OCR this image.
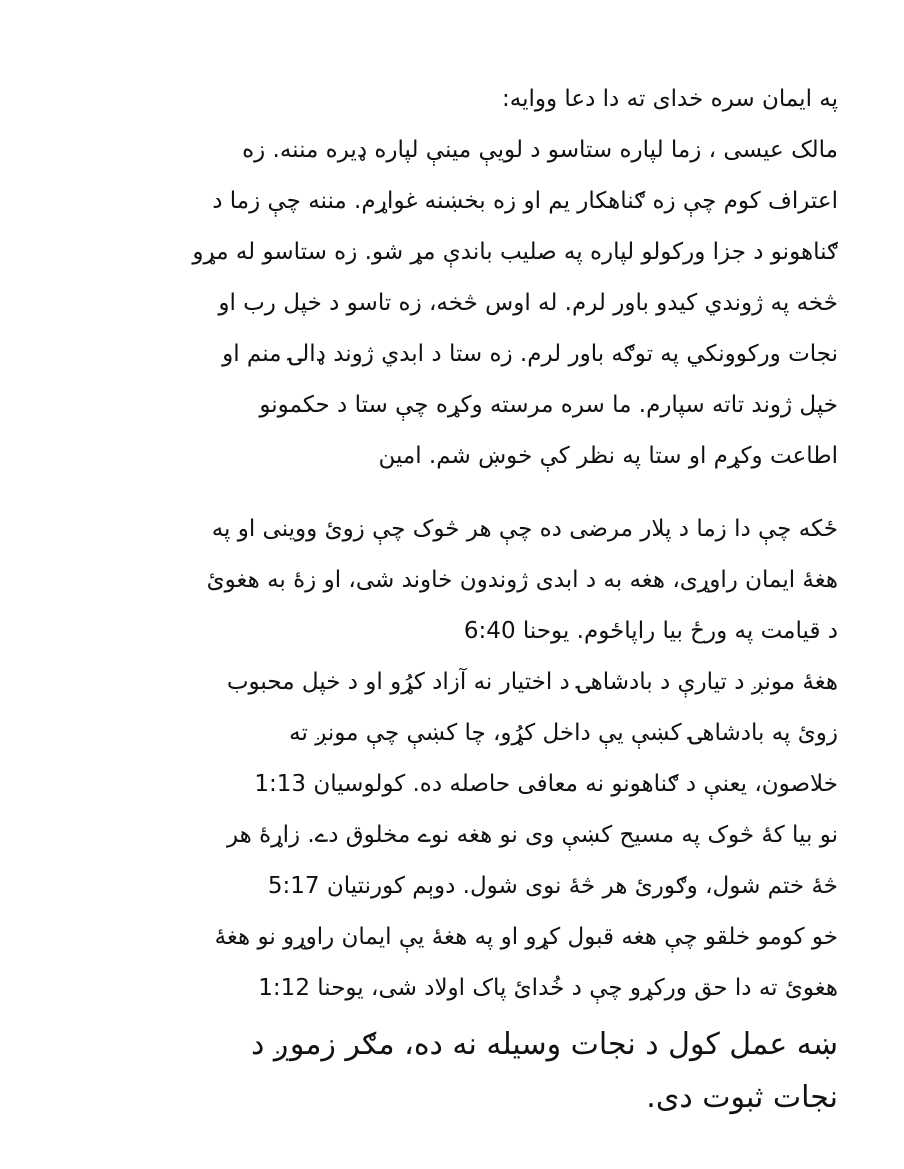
په ایمان سره خدای ته دا دعا ووایه:
مالک عیسی ، زما لپاره ستاسو د لويې مينې لپاره ډيره مننه. زه
اعتراف کوم چې زه ګناهکار يم او زه بخښنه غواړم. مننه چې زما د
ګناهونو د جزا ورکولو لپاره په صليب باندې مړ شو. زه ستاسو له مړو
څخه په ژوندي کيدو باور لرم. له اوس څخه، زه تاسو د خپل رب او
نجات ورکوونکي په توګه باور لرم. زه ستا د ابدي ژوند ډالۍ منم او
خپل ژوند تاته سپارم. ما سره مرسته وکړه چې ستا د حکمونو
اطاعت وکړم او ستا په نظر کې خوښ شم. امين
ځکه چې دا زما د پلار مرضی ده چې هر څوک چې زوئ ووینی او په
هغهٔ ایمان راوړی، هغه به د ابدی ژوندون خاوند شی، او زهٔ به هغوئ
د قیامت په ورځ بیا راپاځوم. یوحنا 6:40
هغهٔ مونږ د تیارې د بادشاهۍ د اختیار نه آزاد کړُو او د خپل محبوب
زوئ په بادشاهۍ کښې يې داخل کړُو، چا کښې چې مونږ ته
خلاصون، يعنې د ګناهونو نه معافی حاصله ده. کولوسیان 1:13
نو بیا کهٔ څوک په مسيح کښې وی نو هغه نوے مخلوق دے. زاړهٔ هر
څهٔ ختم شول، وګورئ هر څهٔ نوی شول. دوېم کورنتیان 5:17
خو کومو خلقو چې هغه قبول کړو او په هغهٔ يې ایمان راوړو نو هغهٔ
هغوئ ته دا حق ورکړو چې د خُدائ پاک اولاد شی، یوحنا 1:12
ښه عمل کول د نجات وسیله نه ده، مګر زموږ د
نجات ثبوت دی.
